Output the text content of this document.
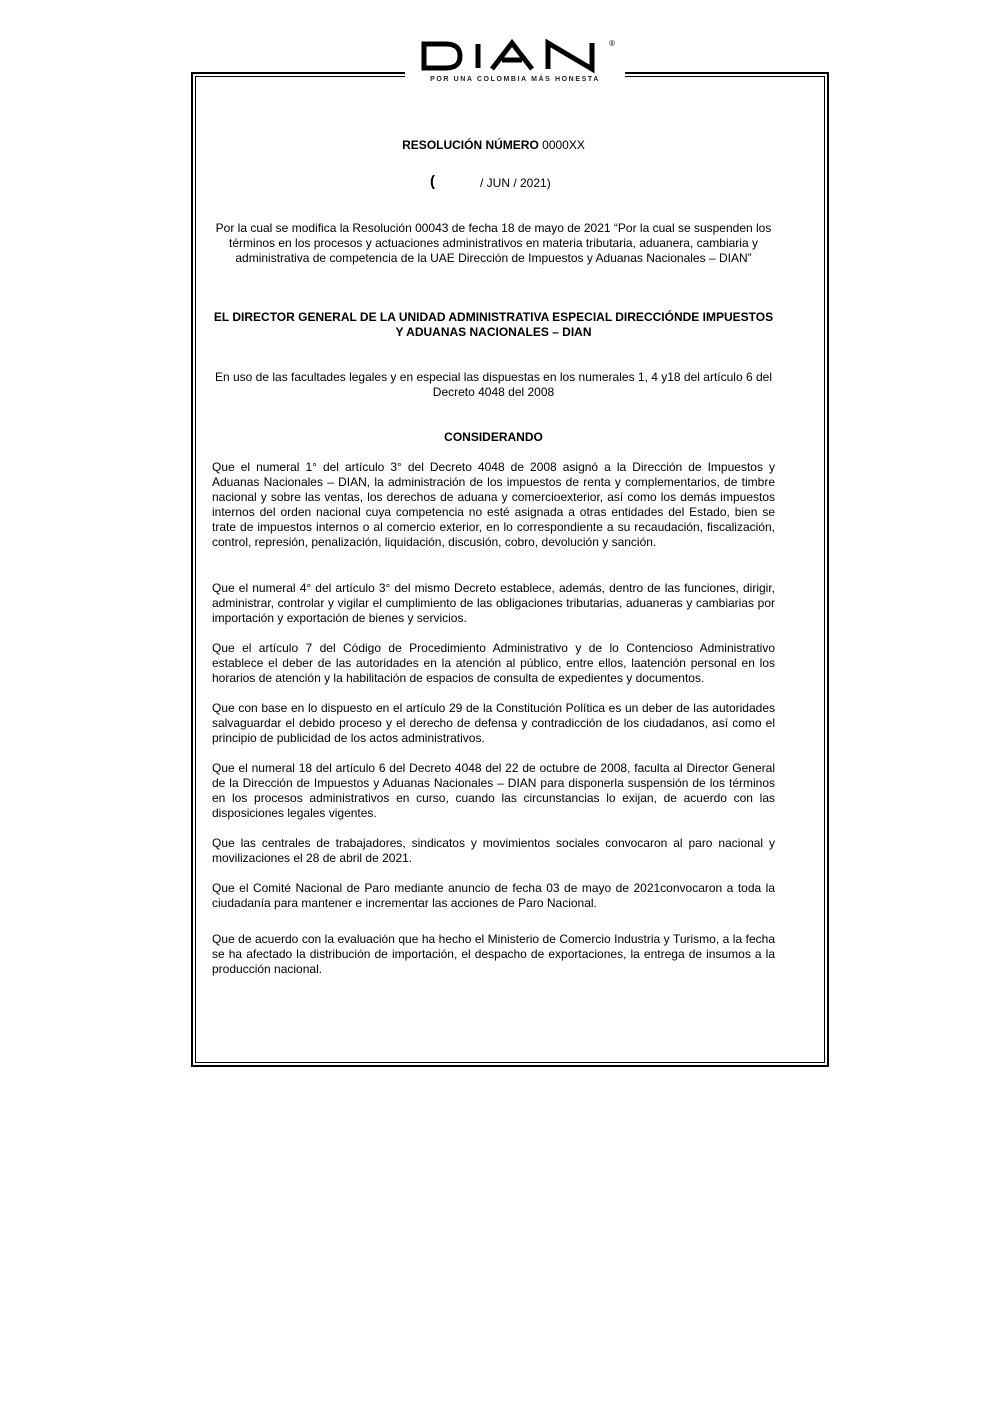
®
POR UNA COLOMBIA MÁS HONESTA
RESOLUCIÓN NÚMERO 0000XX
(	/ JUN / 2021)

Por la cual se modifica la Resolución 00043 de fecha 18 de mayo de 2021 “Por la cual se suspenden los términos en los procesos y actuaciones administrativos en materia tributaria, aduanera, cambiaria y administrativa de competencia de la UAE Dirección de Impuestos y Aduanas Nacionales – DIAN”

EL DIRECTOR GENERAL DE LA UNIDAD ADMINISTRATIVA ESPECIAL DIRECCIÓNDE IMPUESTOS Y ADUANAS NACIONALES – DIAN

En uso de las facultades legales y en especial las dispuestas en los numerales 1, 4 y18 del artículo 6 del Decreto 4048 del 2008

CONSIDERANDO

Que el numeral 1° del artículo 3° del Decreto 4048 de 2008 asignó a la Dirección de Impuestos y Aduanas Nacionales – DIAN, la administración de los impuestos de renta y complementarios, de timbre nacional y sobre las ventas, los derechos de aduana y comercioexterior, así como los demás impuestos internos del orden nacional cuya competencia no esté asignada a otras entidades del Estado, bien se trate de impuestos internos o al comercio exterior, en lo correspondiente a su recaudación, fiscalización, control, represión, penalización, liquidación, discusión, cobro, devolución y sanción.

Que el numeral 4° del artículo 3° del mismo Decreto establece, además, dentro de las funciones, dirigir, administrar, controlar y vigilar el cumplimiento de las obligaciones tributarias, aduaneras y cambiarias por importación y exportación de bienes y servicios.

Que el artículo 7 del Código de Procedimiento Administrativo y de lo Contencioso Administrativo establece el deber de las autoridades en la atención al público, entre ellos, laatención personal en los horarios de atención y la habilitación de espacios de consulta de expedientes y documentos.

Que con base en lo dispuesto en el artículo 29 de la Constitución Política es un deber de las autoridades salvaguardar el debido proceso y el derecho de defensa y contradicción de los ciudadanos, así como el principio de publicidad de los actos administrativos.

Que el numeral 18 del artículo 6 del Decreto 4048 del 22 de octubre de 2008, faculta al Director General de la Dirección de Impuestos y Aduanas Nacionales – DIAN para disponerla suspensión de los términos en los procesos administrativos en curso, cuando las circunstancias lo exijan, de acuerdo con las disposiciones legales vigentes.

Que las centrales de trabajadores, sindicatos y movimientos sociales convocaron al paro nacional y movilizaciones el 28 de abril de 2021.

Que el Comité Nacional de Paro mediante anuncio de fecha 03 de mayo de 2021convocaron a toda la ciudadanía para mantener e incrementar las acciones de Paro Nacional.

Que de acuerdo con la evaluación que ha hecho el Ministerio de Comercio Industria y Turismo, a la fecha se ha afectado la distribución de importación, el despacho de exportaciones, la entrega de insumos a la producción nacional.
